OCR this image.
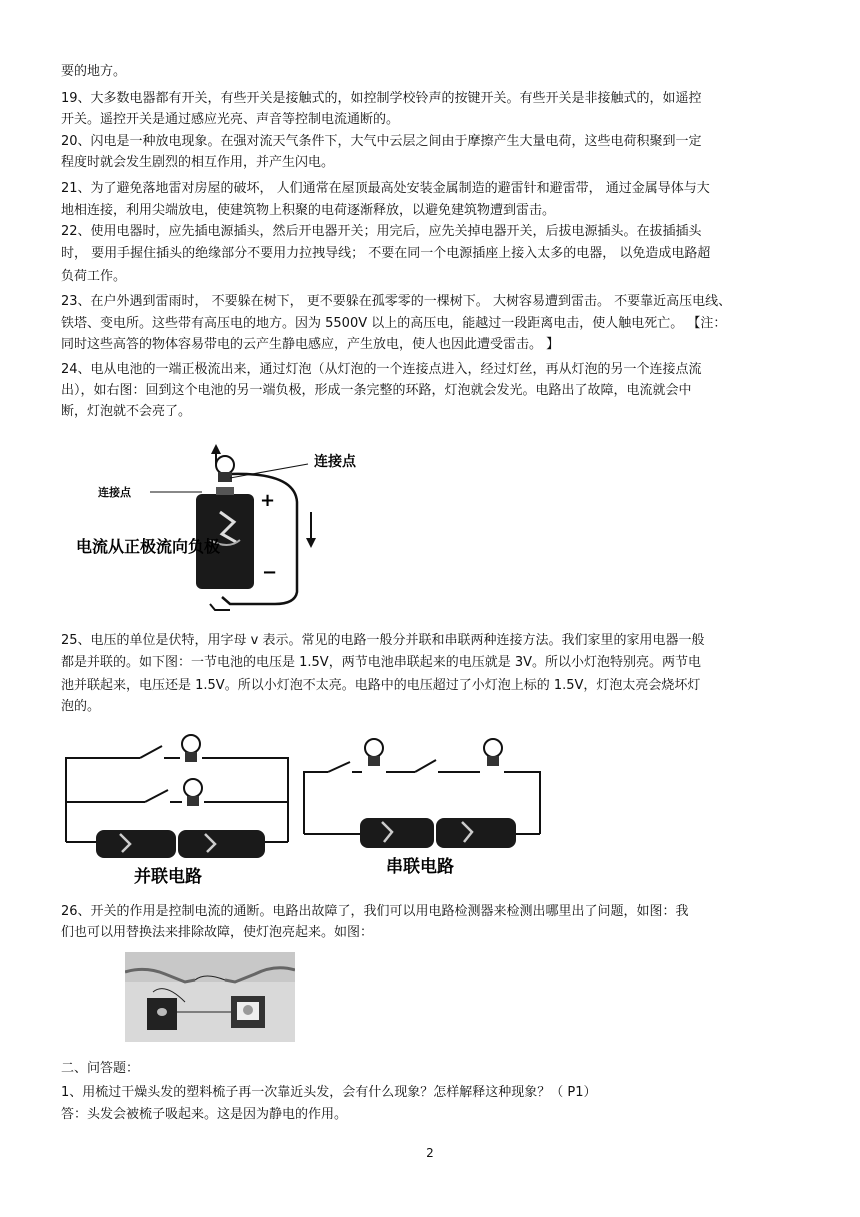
要的地方。
19、大多数电器都有开关，有些开关是接触式的，如控制学校铃声的按键开关。有些开关是非接触式的，如遥控
开关。遥控开关是通过感应光亮、声音等控制电流通断的。
20、闪电是一种放电现象。在强对流天气条件下，大气中云层之间由于摩擦产生大量电荷，这些电荷积聚到一定
程度时就会发生剧烈的相互作用，并产生闪电。
21、为了避免落地雷对房屋的破坏， 人们通常在屋顶最高处安装金属制造的避雷针和避雷带， 通过金属导体与大
地相连接，利用尖端放电，使建筑物上积聚的电荷逐渐释放，以避免建筑物遭到雷击。
22、使用电器时，应先插电源插头，然后开电器开关；用完后，应先关掉电器开关，后拔电源插头。在拔插插头
时， 要用手握住插头的绝缘部分不要用力拉拽导线； 不要在同一个电源插座上接入太多的电器， 以免造成电路超
负荷工作。
23、在户外遇到雷雨时， 不要躲在树下， 更不要躲在孤零零的一棵树下。 大树容易遭到雷击。 不要靠近高压电线、
铁塔、变电所。这些带有高压电的地方。因为 5500V 以上的高压电，能越过一段距离电击，使人触电死亡。 【注：
同时这些高答的物体容易带电的云产生静电感应，产生放电，使人也因此遭受雷击。 】
24、电从电池的一端正极流出来，通过灯泡（从灯泡的一个连接点进入，经过灯丝，再从灯泡的另一个连接点流
出），如右图：回到这个电池的另一端负极，形成一条完整的环路，灯泡就会发光。电路出了故障，电流就会中
断，灯泡就不会亮了。
25、电压的单位是伏特，用字母 v 表示。常见的电路一般分并联和串联两种连接方法。我们家里的家用电器一般
都是并联的。如下图：一节电池的电压是 1.5V，两节电池串联起来的电压就是 3V。所以小灯泡特别亮。两节电
池并联起来，电压还是 1.5V。所以小灯泡不太亮。电路中的电压超过了小灯泡上标的 1.5V，灯泡太亮会烧坏灯
泡的。
26、开关的作用是控制电流的通断。电路出故障了，我们可以用电路检测器来检测出哪里出了问题，如图：我
们也可以用替换法来排除故障，使灯泡亮起来。如图：
二、问答题：
1、用梳过干燥头发的塑料梳子再一次靠近头发，会有什么现象？怎样解释这种现象？（ P1）
答：头发会被梳子吸起来。这是因为静电的作用。
连接点
连接点
电流从正极流向负极
+
−
并联电路	串联电路
2
